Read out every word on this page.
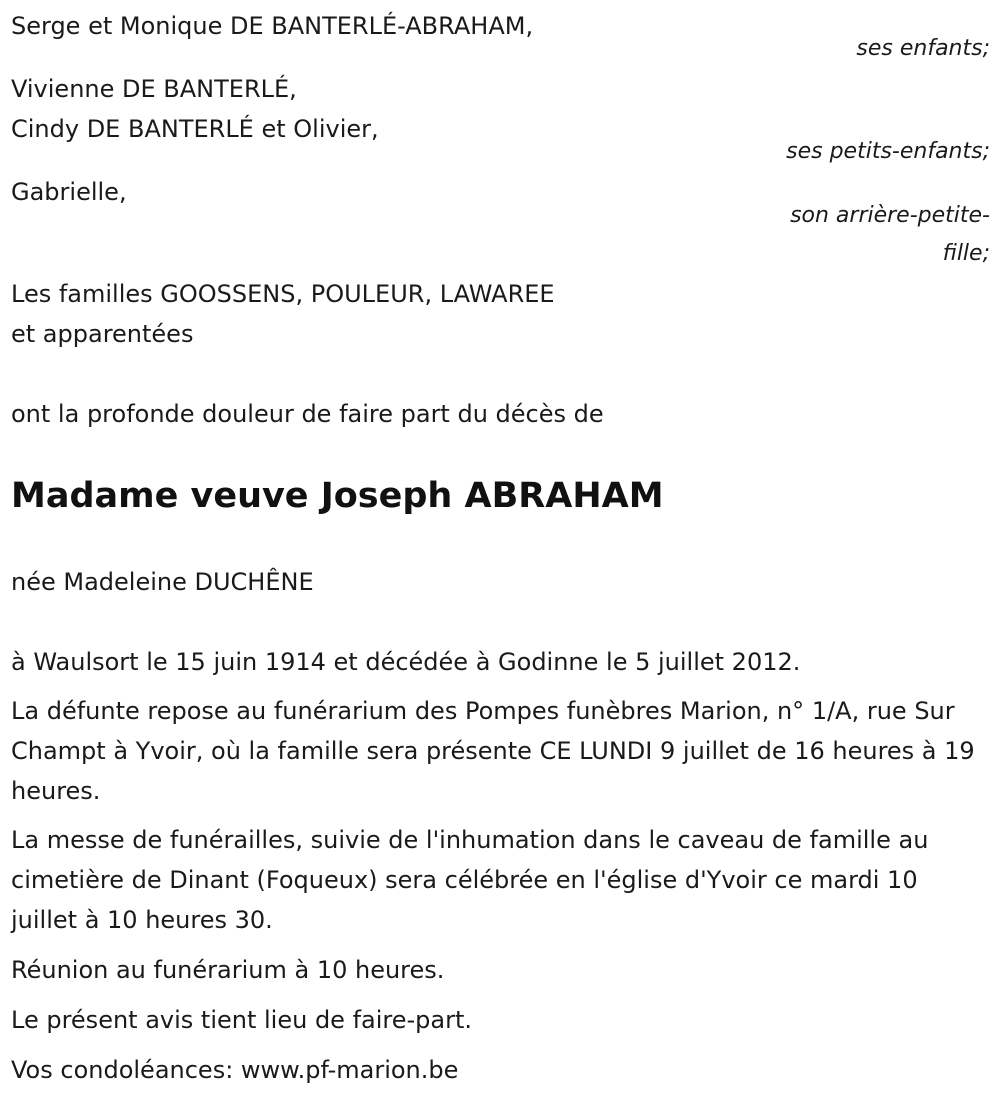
Serge et Monique DE BANTERLÉ-ABRAHAM,
ses enfants;
Vivienne DE BANTERLÉ,
Cindy DE BANTERLÉ et Olivier,
ses petits-enfants;
Gabrielle,
son arrière-petite-
fille;
Les familles GOOSSENS, POULEUR, LAWAREE
et apparentées
ont la profonde douleur de faire part du décès de
Madame veuve Joseph ABRAHAM
née Madeleine DUCHÊNE
à Waulsort le 15 juin 1914 et décédée à Godinne le 5 juillet 2012.
La défunte repose au funérarium des Pompes funèbres Marion, n° 1/A, rue Sur Champt à Yvoir, où la famille sera présente CE LUNDI 9 juillet de 16 heures à 19 heures.
La messe de funérailles, suivie de l'inhumation dans le caveau de famille au cimetière de Dinant (Foqueux) sera célébrée en l'église d'Yvoir ce mardi 10 juillet à 10 heures 30.
Réunion au funérarium à 10 heures.
Le présent avis tient lieu de faire-part.
Vos condoléances: www.pf-marion.be
